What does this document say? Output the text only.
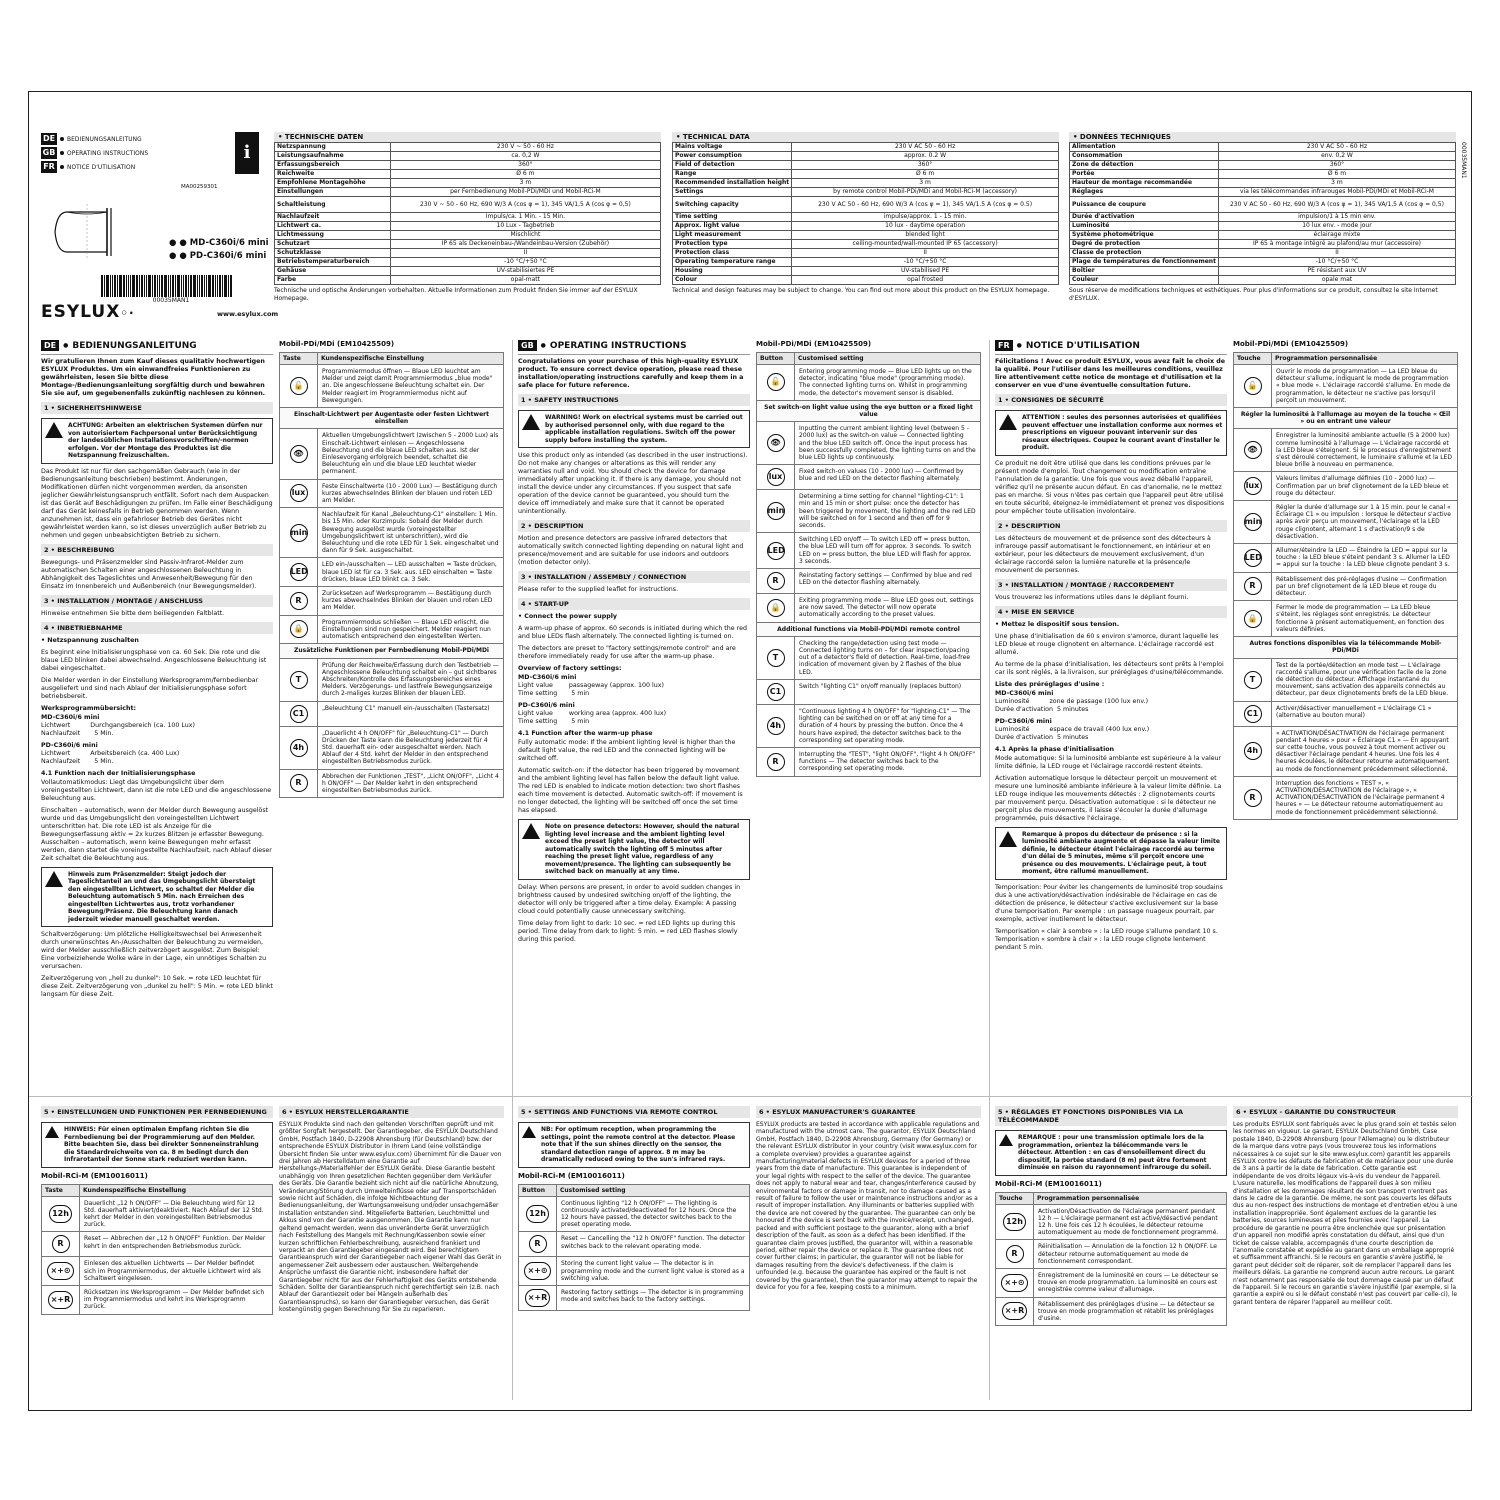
DE	BEDIENUNGSANLEITUNG
GB OPERATING INSTRUCTIONS
FR	NOTICE D'UTILISATION
i
MA00259301
● ● MD-C360i/6 mini
● ● PD-C360i/6 mini
00035MAN1
ESYLUX◦·	www.esylux.com
• TECHNISCHE DATEN
Netzspannung	230 V ~ 50 - 60 Hz
Leistungsaufnahme	ca. 0,2 W
Erfassungsbereich	360°
Reichweite	Ø 6 m
Empfohlene Montagehöhe	3 m
Einstellungen	per Fernbedienung Mobil-PDi/MDi und Mobil-RCi-M
Schaltleistung	230 V ~ 50 - 60 Hz, 690 W/3 A (cos φ = 1), 345 VA/1,5 A (cos φ = 0,5)
Nachlaufzeit	Impuls/ca. 1 Min. - 15 Min.
Lichtwert ca.	10 Lux - Tagbetrieb
Lichtmessung	Mischlicht
Schutzart	IP 65 als Deckeneinbau-/Wandeinbau-Version (Zubehör)
Schutzklasse	II
Betriebstemperaturbereich	-10 °C/+50 °C
Gehäuse	UV-stabilisiertes PE
Farbe	opal-matt
Technische und optische Änderungen vorbehalten. Aktuelle Informationen zum Produkt finden Sie immer auf der ESYLUX Homepage.
• TECHNICAL DATA
Mains voltage	230 V AC 50 - 60 Hz
Power consumption	approx. 0.2 W
Field of detection	360°
Range	Ø 6 m
Recommended installation height	3 m
Settings	by remote control Mobil-PDi/MDi and Mobil-RCi-M (accessory)
Switching capacity	230 V AC 50 - 60 Hz, 690 W/3 A (cos φ = 1), 345 VA/1.5 A (cos φ = 0.5)
Time setting	impulse/approx. 1 - 15 min.
Approx. light value	10 lux - daytime operation
Light measurement	blended light
Protection type	ceiling-mounted/wall-mounted IP 65 (accessory)
Protection class	II
Operating temperature range	-10 °C/+50 °C
Housing	UV-stabilised PE
Colour	opal frosted
Technical and design features may be subject to change. You can find out more about this product on the ESYLUX homepage.
• DONNÉES TECHNIQUES
Alimentation	230 V AC 50 - 60 Hz
Consommation	env. 0,2 W
Zone de détection	360°
Portée	Ø 6 m
Hauteur de montage recommandée	3 m
Réglages	via les télécommandes infrarouges Mobil-PDi/MDi et Mobil-RCi-M
Puissance de coupure	230 V AC 50 - 60 Hz, 690 W/3 A (cos φ = 1), 345 VA/1,5 A (cos φ = 0,5)
Durée d'activation	impulsion/1 à 15 min env.
Luminosité	10 lux env. - mode jour
Système photométrique	éclairage mixte
Degré de protection	IP 65 à montage intégré au plafond/au mur (accessoire)
Classe de protection	II
Plage de températures de fonctionnement	-10 °C/+50 °C
Boîtier	PE résistant aux UV
Couleur	opale mat
Sous réserve de modifications techniques et esthétiques. Pour plus d'informations sur ce produit, consultez le site Internet d'ESYLUX.
00035MAN1
DE	● BEDIENUNGSANLEITUNG
Wir gratulieren Ihnen zum Kauf dieses qualitativ hochwertigen ESYLUX Produktes. Um ein einwandfreies Funktionieren zu gewährleisten, lesen Sie bitte diese Montage-/Bedienungsanleitung sorgfältig durch und bewahren Sie sie auf, um gegebenenfalls zukünftig nachlesen zu können.
1 • SICHERHEITSHINWEISE
ACHTUNG: Arbeiten an elektrischen Systemen dürfen nur von autorisiertem Fachpersonal unter Berücksichtigung der landesüblichen Installationsvorschriften/-normen erfolgen. Vor der Montage des Produktes ist die Netzspannung freizuschalten.
Das Produkt ist nur für den sachgemäßen Gebrauch (wie in der Bedienungsanleitung beschrieben) bestimmt. Änderungen, Modifikationen dürfen nicht vorgenommen werden, da ansonsten jeglicher Gewährleistungsanspruch entfällt. Sofort nach dem Auspacken ist das Gerät auf Beschädigungen zu prüfen. Im Falle einer Beschädigung darf das Gerät keinesfalls in Betrieb genommen werden. Wenn anzunehmen ist, dass ein gefahrloser Betrieb des Gerätes nicht gewährleistet werden kann, so ist dieses unverzüglich außer Betrieb zu nehmen und gegen unbeabsichtigten Betrieb zu sichern.
2 • BESCHREIBUNG
Bewegungs- und Präsenzmelder sind Passiv-Infrarot-Melder zum automatischen Schalten einer angeschlossenen Beleuchtung in Abhängigkeit des Tageslichtes und Anwesenheit/Bewegung für den Einsatz im Innenbereich und Außenbereich (nur Bewegungsmelder).
3 • INSTALLATION / MONTAGE / ANSCHLUSS
Hinweise entnehmen Sie bitte dem beiliegenden Faltblatt.
4 • INBETRIEBNAHME
• Netzspannung zuschalten
Es beginnt eine Initialisierungsphase von ca. 60 Sek. Die rote und die blaue LED blinken dabei abwechselnd. Angeschlossene Beleuchtung ist dabei eingeschaltet.
Die Melder werden in der Einstellung Werksprogramm/fernbedienbar ausgeliefert und sind nach Ablauf der Initialisierungsphase sofort betriebsbereit.
Werksprogrammübersicht:
MD-C360i/6 mini
Lichtwert          Durchgangsbereich (ca. 100 Lux)
Nachlaufzeit       5 Min.
PD-C360i/6 mini
Lichtwert          Arbeitsbereich (ca. 400 Lux)
Nachlaufzeit       5 Min.
4.1 Funktion nach der Initialisierungsphase
Vollautomatikmodus: Liegt das Umgebungslicht über dem voreingestellten Lichtwert, dann ist die rote LED und die angeschlossene Beleuchtung aus.
Einschalten – automatisch, wenn der Melder durch Bewegung ausgelöst wurde und das Umgebungslicht den voreingestellten Lichtwert unterschritten hat. Die rote LED ist als Anzeige für die Bewegungserfassung aktiv = 2x kurzes Blitzen je erfasster Bewegung. Ausschalten – automatisch, wenn keine Bewegungen mehr erfasst werden, dann startet die voreingestellte Nachlaufzeit, nach Ablauf dieser Zeit schaltet die Beleuchtung aus.
Hinweis zum Präsenzmelder: Steigt jedoch der Tageslichtanteil an und das Umgebungslicht übersteigt den eingestellten Lichtwert, so schaltet der Melder die Beleuchtung automatisch 5 Min. nach Erreichen des eingestellten Lichtwertes aus, trotz vorhandener Bewegung/Präsenz. Die Beleuchtung kann danach jederzeit wieder manuell geschaltet werden.
Schaltverzögerung: Um plötzliche Helligkeitswechsel bei Anwesenheit durch unerwünschtes An-/Ausschalten der Beleuchtung zu vermeiden, wird der Melder ausschließlich zeitverzögert ausgelöst. Zum Beispiel: Eine vorbeiziehende Wolke wäre in der Lage, ein unnötiges Schalten zu verursachen.
Zeitverzögerung von „hell zu dunkel": 10 Sek. = rote LED leuchtet für diese Zeit. Zeitverzögerung von „dunkel zu hell": 5 Min. = rote LED blinkt langsam für diese Zeit.
Mobil-PDi/MDi (EM10425509)
Taste	Kundenspezifische Einstellung
🔓	Programmiermodus öffnen — Blaue LED leuchtet am Melder und zeigt damit Programmiermodus „blue mode" an. Die angeschlossene Beleuchtung schaltet ein. Der Melder reagiert im Programmiermodus nicht auf Bewegungen.
Einschalt-Lichtwert per Augentaste oder festen Lichtwert einstellen	
👁	Aktuellen Umgebungslichtwert (zwischen 5 - 2000 Lux) als Einschalt-Lichtwert einlesen — Angeschlossene Beleuchtung und die blaue LED schalten aus. Ist der Einlesevorgang erfolgreich beendet, schaltet die Beleuchtung ein und die blaue LED leuchtet wieder permanent.
lux	Feste Einschaltwerte (10 - 2000 Lux) — Bestätigung durch kurzes abwechselndes Blinken der blauen und roten LED am Melder.
min	Nachlaufzeit für Kanal „Beleuchtung-C1" einstellen: 1 Min. bis 15 Min. oder Kurzimpuls: Sobald der Melder durch Bewegung ausgelöst wurde (voreingestellter Umgebungslichtwert ist unterschritten), wird die Beleuchtung und die rote LED für 1 Sek. eingeschaltet und dann für 9 Sek. ausgeschaltet.
LED	LED ein-/ausschalten — LED ausschalten = Taste drücken, blaue LED ist für ca. 3 Sek. aus. LED einschalten = Taste drücken, blaue LED blinkt ca. 3 Sek.
R	Zurücksetzen auf Werksprogramm — Bestätigung durch kurzes abwechselndes Blinken der blauen und roten LED am Melder.
🔒	Programmiermodus schließen — Blaue LED erlischt, die Einstellungen sind nun gespeichert. Melder reagiert nun automatisch entsprechend den eingestellten Werten.
Zusätzliche Funktionen per Fernbedienung Mobil-PDi/MDi	
T	Prüfung der Reichweite/Erfassung durch den Testbetrieb — Angeschlossene Beleuchtung schaltet ein – gut sichtbares Abschreiten/Kontrolle des Erfassungsbereiches eines Melders. Verzögerungs- und lastfreie Bewegungsanzeige durch 2-maliges kurzes Blinken der blauen LED.
C1	„Beleuchtung C1" manuell ein-/ausschalten (Tastersatz)
4h	„Dauerlicht 4 h ON/OFF" für „Beleuchtung-C1" — Durch Drücken der Taste kann die Beleuchtung jederzeit für 4 Std. dauerhaft ein- oder ausgeschaltet werden. Nach Ablauf der 4 Std. kehrt der Melder in den entsprechend eingestellten Betriebsmodus zurück.
R	Abbrechen der Funktionen „TEST", „Licht ON/OFF", „Licht 4 h ON/OFF" — Der Melder kehrt in den entsprechend eingestellten Betriebsmodus zurück.
5 • EINSTELLUNGEN UND FUNKTIONEN PER FERNBEDIENUNG
HINWEIS: Für einen optimalen Empfang richten Sie die Fernbedienung bei der Programmierung auf den Melder. Bitte beachten Sie, dass bei direkter Sonneneinstrahlung die Standardreichweite von ca. 8 m bedingt durch den Infrarotanteil der Sonne stark reduziert werden kann.
Mobil-RCi-M (EM10016011)
Taste	Kundenspezifische Einstellung
12h	Dauerlicht „12 h ON/OFF" — Die Beleuchtung wird für 12 Std. dauerhaft aktiviert/deaktiviert. Nach Ablauf der 12 Std. kehrt der Melder in den voreingestellten Betriebsmodus zurück.
R	Reset — Abbrechen der „12 h ON/OFF" Funktion. Der Melder kehrt in den entsprechenden Betriebsmodus zurück.
×+⊙	Einlesen des aktuellen Lichtwerts — Der Melder befindet sich im Programmiermodus, der aktuelle Lichtwert wird als Schaltwert eingelesen.
×+R	Rücksetzen ins Werksprogramm — Der Melder befindet sich im Programmiermodus und kehrt ins Werksprogramm zurück.
6 • ESYLUX HERSTELLERGARANTIE
ESYLUX Produkte sind nach den geltenden Vorschriften geprüft und mit größter Sorgfalt hergestellt. Der Garantiegeber, die ESYLUX Deutschland GmbH, Postfach 1840, D-22908 Ahrensburg (für Deutschland) bzw. der entsprechende ESYLUX Distributor in Ihrem Land (eine vollständige Übersicht finden Sie unter www.esylux.com) übernimmt für die Dauer von drei Jahren ab Herstelldatum eine Garantie auf Herstellungs-/Materialfehler der ESYLUX Geräte. Diese Garantie besteht unabhängig von Ihren gesetzlichen Rechten gegenüber dem Verkäufer des Geräts. Die Garantie bezieht sich nicht auf die natürliche Abnutzung, Veränderung/Störung durch Umwelteinflüsse oder auf Transportschäden sowie nicht auf Schäden, die infolge Nichtbeachtung der Bedienungsanleitung, der Wartungsanweisung und/oder unsachgemäßer Installation entstanden sind. Mitgelieferte Batterien, Leuchtmittel und Akkus sind von der Garantie ausgenommen. Die Garantie kann nur geltend gemacht werden, wenn das unveränderte Gerät unverzüglich nach Feststellung des Mangels mit Rechnung/Kassenbon sowie einer kurzen schriftlichen Fehlerbeschreibung, ausreichend frankiert und verpackt an den Garantiegeber eingesandt wird. Bei berechtigtem Garantieanspruch wird der Garantiegeber nach eigener Wahl das Gerät in angemessener Zeit ausbessern oder austauschen. Weitergehende Ansprüche umfasst die Garantie nicht, insbesondere haftet der Garantiegeber nicht für aus der Fehlerhaftigkeit des Geräts entstehende Schäden. Sollte der Garantieanspruch nicht gerechtfertigt sein (z.B. nach Ablauf der Garantiezeit oder bei Mängeln außerhalb des Garantieanspruchs), so kann der Garantiegeber versuchen, das Gerät kostengünstig gegen Berechnung für Sie zu reparieren.
GB	● OPERATING INSTRUCTIONS
Congratulations on your purchase of this high-quality ESYLUX product. To ensure correct device operation, please read these installation/operating instructions carefully and keep them in a safe place for future reference.
1 • SAFETY INSTRUCTIONS
WARNING! Work on electrical systems must be carried out by authorised personnel only, with due regard to the applicable installation regulations. Switch off the power supply before installing the system.
Use this product only as intended (as described in the user instructions). Do not make any changes or alterations as this will render any warranties null and void. You should check the device for damage immediately after unpacking it. If there is any damage, you should not install the device under any circumstances. If you suspect that safe operation of the device cannot be guaranteed, you should turn the device off immediately and make sure that it cannot be operated unintentionally.
2 • DESCRIPTION
Motion and presence detectors are passive infrared detectors that automatically switch connected lighting depending on natural light and presence/movement and are suitable for use indoors and outdoors (motion detector only).
3 • INSTALLATION / ASSEMBLY / CONNECTION
Please refer to the supplied leaflet for instructions.
4 • START-UP
• Connect the power supply
A warm-up phase of approx. 60 seconds is initiated during which the red and blue LEDs flash alternately. The connected lighting is turned on.
The detectors are preset to "factory settings/remote control" and are therefore immediately ready for use after the warm-up phase.
Overview of factory settings:
MD-C360i/6 mini
Light value        passageway (approx. 100 lux)
Time setting       5 min
PD-C360i/6 mini
Light value        working area (approx. 400 lux)
Time setting       5 min
4.1 Function after the warm-up phase
Fully automatic mode: If the ambient lighting level is higher than the default light value, the red LED and the connected lighting will be switched off.
Automatic switch-on: if the detector has been triggered by movement and the ambient lighting level has fallen below the default light value. The red LED is enabled to indicate motion detection: two short flashes each time movement is detected. Automatic switch-off: if movement is no longer detected, the lighting will be switched off once the set time has elapsed.
Note on presence detectors: However, should the natural lighting level increase and the ambient lighting level exceed the preset light value, the detector will automatically switch the lighting off 5 minutes after reaching the preset light value, regardless of any movement/presence. The lighting can subsequently be switched back on manually at any time.
Delay: When persons are present, in order to avoid sudden changes in brightness caused by undesired switching on/off of the lighting, the detector will only be triggered after a time delay. Example: A passing cloud could potentially cause unnecessary switching.
Time delay from light to dark: 10 sec. = red LED lights up during this period. Time delay from dark to light: 5 min. = red LED flashes slowly during this period.
Mobil-PDi/MDi (EM10425509)
Button	Customised setting
🔓	Entering programming mode — Blue LED lights up on the detector, indicating "blue mode" (programming mode). The connected lighting turns on. Whilst in programming mode, the detector's movement sensor is disabled.
Set switch-on light value using the eye button or a fixed light value	
👁	Inputting the current ambient lighting level (between 5 - 2000 lux) as the switch-on value — Connected lighting and the blue LED switch off. Once the input process has been successfully completed, the lighting turns on and the blue LED lights up continuously.
lux	Fixed switch-on values (10 - 2000 lux) — Confirmed by blue and red LED on the detector flashing alternately.
min	Determining a time setting for channel "lighting-C1": 1 min and 15 min or short pulse: once the detector has been triggered by movement, the lighting and the red LED will be switched on for 1 second and then off for 9 seconds.
LED	Switching LED on/off — To switch LED off = press button, the blue LED will turn off for approx. 3 seconds. To switch LED on = press button, the blue LED will flash for approx. 3 seconds.
R	Reinstating factory settings — Confirmed by blue and red LED on the detector flashing alternately.
🔒	Exiting programming mode — Blue LED goes out, settings are now saved. The detector will now operate automatically according to the preset values.
Additional functions via Mobil-PDi/MDi remote control	
T	Checking the range/detection using test mode — Connected lighting turns on – for clear inspection/pacing out of a detector's field of detection. Real-time, load-free indication of movement given by 2 flashes of the blue LED.
C1	Switch "lighting C1" on/off manually (replaces button)
4h	"Continuous lighting 4 h ON/OFF" for "lighting-C1" — The lighting can be switched on or off at any time for a duration of 4 hours by pressing the button. Once the 4 hours have expired, the detector switches back to the corresponding set operating mode.
R	Interrupting the "TEST", "light ON/OFF", "light 4 h ON/OFF" functions — The detector switches back to the corresponding set operating mode.
5 • SETTINGS AND FUNCTIONS VIA REMOTE CONTROL
NB: For optimum reception, when programming the settings, point the remote control at the detector. Please note that if the sun shines directly on the sensor, the standard detection range of approx. 8 m may be dramatically reduced owing to the sun's infrared rays.
Mobil-RCi-M (EM10016011)
Button	Customised setting
12h	Continuous lighting "12 h ON/OFF" — The lighting is continuously activated/deactivated for 12 hours. Once the 12 hours have passed, the detector switches back to the preset operating mode.
R	Reset — Cancelling the "12 h ON/OFF" function. The detector switches back to the relevant operating mode.
×+⊙	Storing the current light value — The detector is in programming mode and the current light value is stored as a switching value.
×+R	Restoring factory settings — The detector is in programming mode and switches back to the factory settings.
6 • ESYLUX MANUFACTURER'S GUARANTEE
ESYLUX products are tested in accordance with applicable regulations and manufactured with the utmost care. The guarantor, ESYLUX Deutschland GmbH, Postfach 1840, D-22908 Ahrensburg, Germany (for Germany) or the relevant ESYLUX distributor in your country (visit www.esylux.com for a complete overview) provides a guarantee against manufacturing/material defects in ESYLUX devices for a period of three years from the date of manufacture. This guarantee is independent of your legal rights with respect to the seller of the device. The guarantee does not apply to natural wear and tear, changes/interference caused by environmental factors or damage in transit, nor to damage caused as a result of failure to follow the user or maintenance instructions and/or as a result of improper installation. Any illuminants or batteries supplied with the device are not covered by the guarantee. The guarantee can only be honoured if the device is sent back with the invoice/receipt, unchanged, packed and with sufficient postage to the guarantor, along with a brief description of the fault, as soon as a defect has been identified. If the guarantee claim proves justified, the guarantor will, within a reasonable period, either repair the device or replace it. The guarantee does not cover further claims; in particular, the guarantor will not be liable for damages resulting from the device's defectiveness. If the claim is unfounded (e.g. because the guarantee has expired or the fault is not covered by the guarantee), then the guarantor may attempt to repair the device for you for a fee, keeping costs to a minimum.
FR	● NOTICE D'UTILISATION
Félicitations ! Avec ce produit ESYLUX, vous avez fait le choix de la qualité. Pour l'utiliser dans les meilleures conditions, veuillez lire attentivement cette notice de montage et d'utilisation et la conserver en vue d'une éventuelle consultation future.
1 • CONSIGNES DE SÉCURITÉ
ATTENTION : seules des personnes autorisées et qualifiées peuvent effectuer une installation conforme aux normes et prescriptions en vigueur pouvant intervenir sur des réseaux électriques. Coupez le courant avant d'installer le produit.
Ce produit ne doit être utilisé que dans les conditions prévues par le présent mode d'emploi. Tout changement ou modification entraîne l'annulation de la garantie. Une fois que vous avez déballé l'appareil, vérifiez qu'il ne présente aucun défaut. En cas d'anomalie, ne le mettez pas en marche. Si vous n'êtes pas certain que l'appareil peut être utilisé en toute sécurité, éteignez-le immédiatement et prenez vos dispositions pour empêcher toute utilisation involontaire.
2 • DESCRIPTION
Les détecteurs de mouvement et de présence sont des détecteurs à infrarouge passif automatisant le fonctionnement, en intérieur et en extérieur, pour les détecteurs de mouvement exclusivement, d'un éclairage raccordé selon la lumière naturelle et la présence/le mouvement de personnes.
3 • INSTALLATION / MONTAGE / RACCORDEMENT
Vous trouverez les informations utiles dans le dépliant fourni.
4 • MISE EN SERVICE
• Mettez le dispositif sous tension.
Une phase d'initialisation de 60 s environ s'amorce, durant laquelle les LED bleue et rouge clignotent en alternance. L'éclairage raccordé est allumé.
Au terme de la phase d'initialisation, les détecteurs sont prêts à l'emploi car ils sont réglés, à la livraison, sur préréglages d'usine/télécommande.
Liste des préréglages d'usine :
MD-C360i/6 mini
Luminosité          zone de passage (100 lux env.)
Durée d'activation  5 minutes
PD-C360i/6 mini
Luminosité          espace de travail (400 lux env.)
Durée d'activation  5 minutes
4.1 Après la phase d'initialisation
Mode automatique: Si la luminosité ambiante est supérieure à la valeur limite définie, la LED rouge et l'éclairage raccordé restent éteints.
Activation automatique lorsque le détecteur perçoit un mouvement et mesure une luminosité ambiante inférieure à la valeur limite définie. La LED rouge indique les mouvements détectés : 2 clignotements courts par mouvement perçu. Désactivation automatique : si le détecteur ne perçoit plus de mouvements, il laisse s'écouler la durée d'allumage programmée, puis désactive l'éclairage.
Remarque à propos du détecteur de présence : si la luminosité ambiante augmente et dépasse la valeur limite définie, le détecteur éteint l'éclairage raccordé au terme d'un délai de 5 minutes, même s'il perçoit encore une présence ou des mouvements. L'éclairage peut, à tout moment, être rallumé manuellement.
Temporisation: Pour éviter les changements de luminosité trop soudains dus à une activation/désactivation indésirable de l'éclairage en cas de détection de présence, le détecteur s'active exclusivement sur la base d'une temporisation. Par exemple : un passage nuageux pourrait, par exemple, activer inutilement le détecteur.
Temporisation « clair à sombre » : la LED rouge s'allume pendant 10 s. Temporisation « sombre à clair » : la LED rouge clignote lentement pendant 5 min.
Mobil-PDi/MDi (EM10425509)
Touche	Programmation personnalisée
🔓	Ouvrir le mode de programmation — La LED bleue du détecteur s'allume, indiquant le mode de programmation « blue mode ». L'éclairage raccordé s'allume. En mode de programmation, le détecteur ne s'active pas lorsqu'il perçoit un mouvement.
Régler la luminosité à l'allumage au moyen de la touche « Œil » ou en entrant une valeur	
👁	Enregistrer la luminosité ambiante actuelle (5 à 2000 lux) comme luminosité à l'allumage — L'éclairage raccordé et la LED bleue s'éteignent. Si le processus d'enregistrement s'est déroulé correctement, le luminaire s'allume et la LED bleue brille à nouveau en permanence.
lux	Valeurs limites d'allumage définies (10 - 2000 lux) — Confirmation par un bref clignotement de la LED bleue et rouge du détecteur.
min	Régler la durée d'allumage sur 1 à 15 min. pour le canal « Éclairage C1 » ou impulsion : lorsque le détecteur s'active après avoir perçu un mouvement, l'éclairage et la LED rouge clignotent, alternant 1 s d'activation/9 s de désactivation.
LED	Allumer/éteindre la LED — Éteindre la LED = appui sur la touche : la LED bleue s'éteint pendant 3 s. Allumer la LED = appui sur la touche : la LED bleue clignote pendant 3 s.
R	Rétablissement des pré-réglages d'usine — Confirmation par un bref clignotement de la LED bleue et rouge du détecteur.
🔒	Fermer le mode de programmation — La LED bleue s'éteint, les réglages sont enregistrés. Le détecteur fonctionne à présent automatiquement, en fonction des valeurs définies.
Autres fonctions disponibles via la télécommande Mobil-PDi/MDi	
T	Test de la portée/détection en mode test — L'éclairage raccordé s'allume, pour une vérification facile de la zone de détection du détecteur. Affichage instantané du mouvement, sans activation des appareils connectés au détecteur, par deux clignotements brefs de la LED bleue.
C1	Activer/désactiver manuellement « L'éclairage C1 » (alternative au bouton mural)
4h	« ACTIVATION/DÉSACTIVATION de l'éclairage permanent pendant 4 heures » pour « Éclairage C1 » — En appuyant sur cette touche, vous pouvez à tout moment activer ou désactiver l'éclairage pendant 4 heures. Une fois les 4 heures écoulées, le détecteur retourne automatiquement au mode de fonctionnement précédemment sélectionné.
R	Interruption des fonctions « TEST », « ACTIVATION/DÉSACTIVATION de l'éclairage », « ACTIVATION/DÉSACTIVATION de l'éclairage permanent 4 heures » — Le détecteur retourne automatiquement au mode de fonctionnement précédemment sélectionné.
5 • RÉGLAGES ET FONCTIONS DISPONIBLES VIA LA TÉLÉCOMMANDE
REMARQUE : pour une transmission optimale lors de la programmation, orientez la télécommande vers le détecteur. Attention : en cas d'ensoleillement direct du dispositif, la portée standard (8 m) peut être fortement diminuée en raison du rayonnement infrarouge du soleil.
Mobil-RCi-M (EM10016011)
Touche	Programmation personnalisée
12h	Activation/Désactivation de l'éclairage permanent pendant 12 h — L'éclairage permanent est activé/désactivé pendant 12 h. Une fois ces 12 h écoulées, le détecteur retourne automatiquement au mode de fonctionnement programmé.
R	Réinitialisation — Annulation de la fonction 12 h ON/OFF. Le détecteur retourne automatiquement au mode de fonctionnement correspondant.
×+⊙	Enregistrement de la luminosité en cours — Le détecteur se trouve en mode programmation. La luminosité en cours est enregistrée comme valeur d'allumage.
×+R	Rétablissement des préréglages d'usine — Le détecteur se trouve en mode programmation et rétablit les préréglages d'usine.
6 • ESYLUX - GARANTIE DU CONSTRUCTEUR
Les produits ESYLUX sont fabriqués avec le plus grand soin et testés selon les normes en vigueur. Le garant, ESYLUX Deutschland GmbH, Case postale 1840, D-22908 Ahrensburg (pour l'Allemagne) ou le distributeur de la marque dans votre pays (vous trouverez tous les informations nécessaires à ce sujet sur le site www.esylux.com) garantit les appareils ESYLUX contre les défauts de fabrication et de matériaux pour une durée de 3 ans à partir de la date de fabrication. Cette garantie est indépendante de vos droits légaux vis-à-vis du vendeur de l'appareil. L'usure naturelle, les modifications de l'appareil dues à son milieu d'installation et les dommages résultant de son transport n'entrent pas dans le cadre de la garantie. De même, ne sont pas couverts les défauts dus au non-respect des instructions de montage et d'entretien et/ou à une installation inappropriée. Sont également exclues de la garantie les batteries, sources lumineuses et piles fournies avec l'appareil. La procédure de garantie ne pourra être enclenchée que sur présentation d'un appareil non modifié après constatation du défaut, ainsi que d'un ticket de caisse valable, accompagnés d'une courte description de l'anomalie constatée et expédiée au garant dans un emballage approprié et suffisamment affranchi. Si le recours en garantie s'avère justifié, le garant peut décider soit de réparer, soit de remplacer l'appareil dans les meilleurs délais. La garantie ne comprend aucun autre recours. Le garant n'est notamment pas responsable de tout dommage causé par un défaut de l'appareil. Si le recours en garantie s'avère injustifié (par exemple, si la garantie a expiré ou si le défaut constaté n'est pas couvert par celle-ci), le garant tentera de réparer l'appareil au meilleur coût.
